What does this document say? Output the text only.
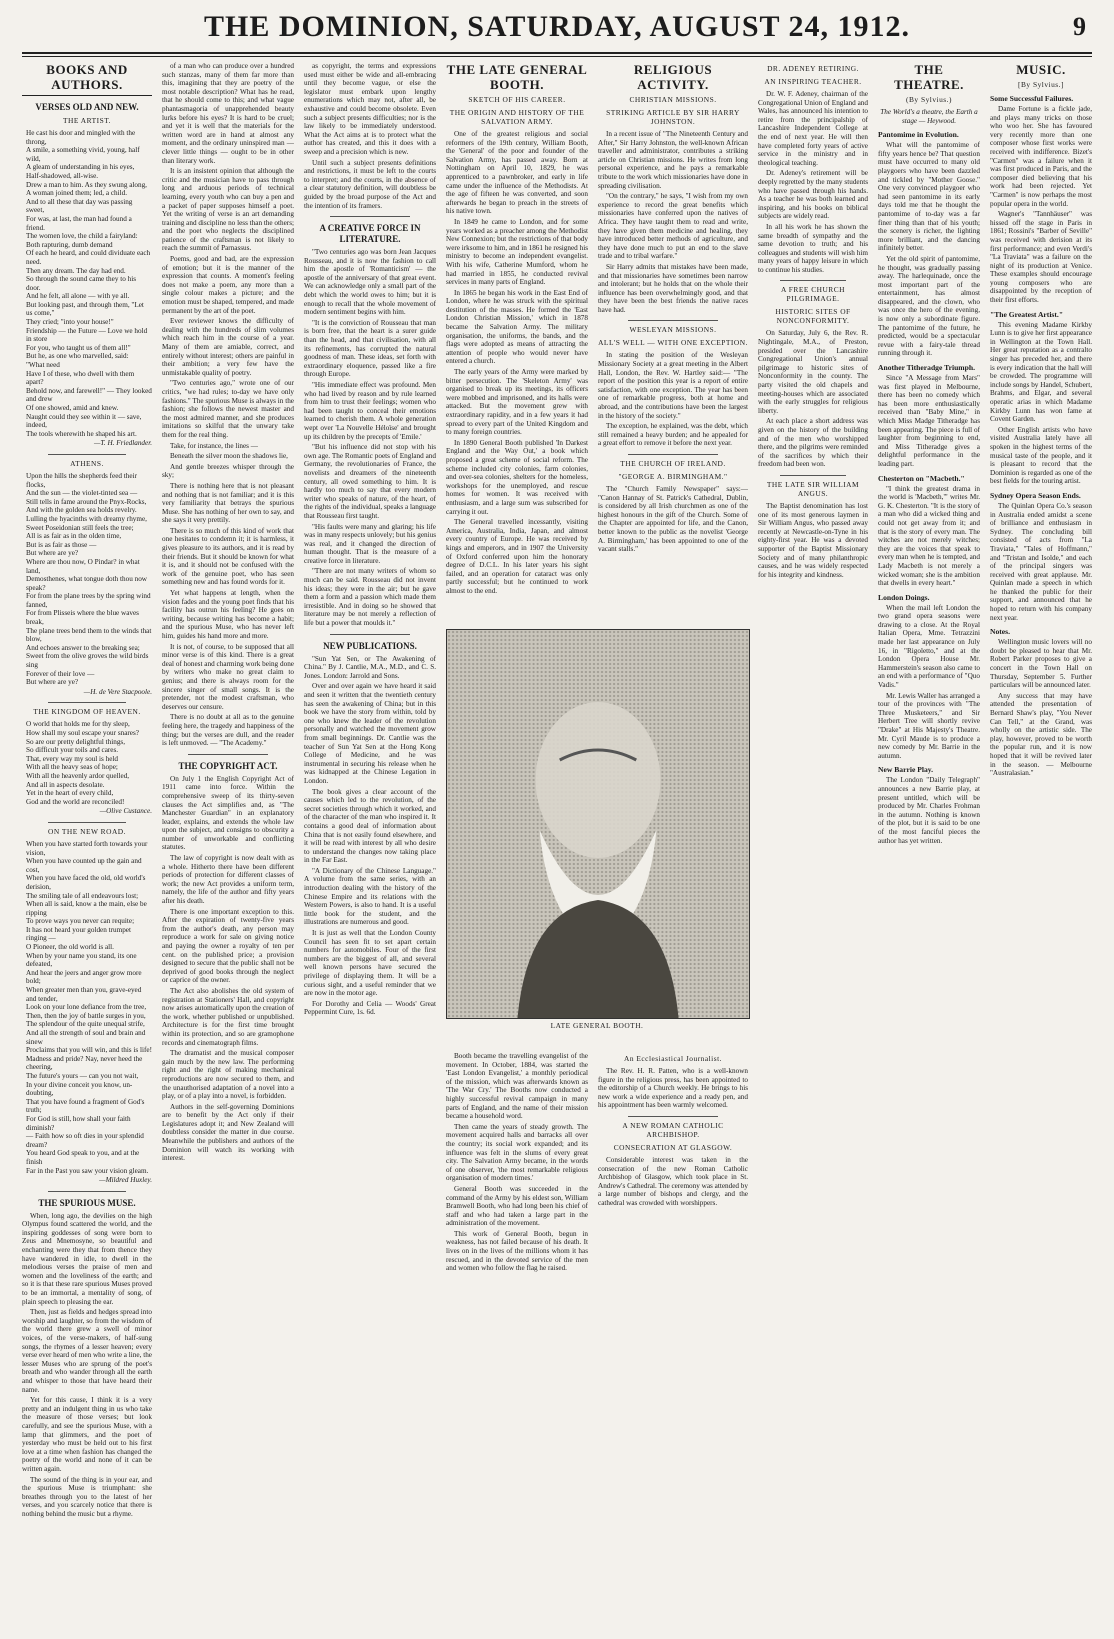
THE DOMINION, SATURDAY, AUGUST 24, 1912.	9
BOOKS AND AUTHORS.
VERSES OLD AND NEW.
THE ARTIST.
He cast his door and mingled with the throng,
A smile, a something vivid, young, half wild,
A gleam of understanding in his eyes,
Half-shadowed, all-wise.
Drew a man to him. As they swung along,
A woman joined them; led, a child.
And to all these that day was passing sweet,
For was, at last, the man had found a friend.
The women love, the child a fairyland:
Both rapturing, dumb demand
Of each he heard, and could dividuate each need.
Then any dream. The day had end.
So through the sound came they to his door.
And he felt, all alone — with ye all.
But looking past, and through them, "Let us come,"
They cried; "into your house!"
Friendship — the Future — Love we hold in store
For you, who taught us of them all!"
But he, as one who marvelled, said:
"What need
Have I of these, who dwell with them apart?
Behold now, and farewell!" — They looked and drew
Of one showed, amid and knew.
Naught could they see within it — save, indeed,
The tools wherewith he shaped his art.
—T. H. Friedlander.
ATHENS.
Upon the hills the shepherds feed their flocks,
And the sun — the violet-tinted sea —
Still tells in fame around the Pnyx-Rocks,
And with the golden sea holds revelry.
Lulling the hyacinths with dreamy rhyme,
Sweet Poseidonian still feels the tree;
All is as fair as in the olden time,
But is as fair as those —
But where are ye?
Where are thou now, O Pindar? in what land,
Demosthenes, what tongue doth thou now speak?
For from the plane trees by the spring wind fanned,
For from Plisseis where the blue waves break,
The plane trees bend them to the winds that blow,
And echoes answer to the breaking sea;
Sweet from the olive groves the wild birds sing
Forever of their love —
But where are ye?
—H. de Vere Stacpoole.
THE KINGDOM OF HEAVEN.
O world that holds me for thy sleep,
How shall my soul escape your snares?
So are our pretty delightful things,
So difficult your toils and cares.
That, every way my soul is held
With all the heavy seas of hope;
With all the heavenly ardor quelled,
And all in aspects desolate.
Yet in the heart of every child,
God and the world are reconciled!
—Olive Custance.
ON THE NEW ROAD.
When you have started forth towards your vision,
When you have counted up the gain and cost,
When you have faced the old, old world's derision,
The smiling tale of all endeavours lost;
When all is said, know a the main, else be ripping
To prove ways you never can requite;
It has not heard your golden trumpet ringing —
O Pioneer, the old world is all.
When by your name you stand, its one defeated,
And hear the jeers and anger grow more bold;
When greater men than you, grave-eyed and tender,
Look on your lone defiance from the tree,
Then, then the joy of battle surges in you,
The splendour of the quite unequal strife,
And all the strength of soul and brain and sinew
Proclaims that you will win, and this is life!
Madness and pride? Nay, never heed the cheering,
The future's yours — can you not wait,
In your divine conceit you know, un-doubting,
That you have found a fragment of God's truth;
For God is still, how shall your faith diminish?
— Faith how so oft dies in your splendid dream?
You heard God speak to you, and at the finish
Far in the Past you saw your vision gleam.
—Mildred Huxley.
THE SPURIOUS MUSE.

When, long ago, the devilies on the high Olympus found scattered the world, and the inspiring goddesses of song were born to Zeus and Mnemosyne, so beautiful and enchanting were they that from thence they have wandered in idle, to dwell in the melodious verses the praise of men and women and the loveliness of the earth; and so it is that these rare spurious Muses proved to be an immortal, a mentality of song, of plain speech to pleasing the ear.

Then, just as fields and hedges spread into worship and laughter, so from the wisdom of the world there grew a swell of minor voices, of the verse-makers, of half-sung songs, the rhymes of a lesser heaven; every verse ever heard of men who write a line, the lesser Muses who are sprung of the poet's breath and who wander through all the earth and whisper to those that have heard their name.

Yet for this cause, I think it is a very pretty and an indulgent thing in us who take the measure of those verses; but look carefully, and see the spurious Muse, with a lamp that glimmers, and the poet of yesterday who must be held out to his first love at a time when fashion has changed the poetry of the world and none of it can be written again.

The sound of the thing is in your ear, and the spurious Muse is triumphant: she breathes through you to the latest of her verses, and you scarcely notice that there is nothing behind the music but a rhyme.

of a man who can produce over a hundred such stanzas, many of them far more than this, imagining that they are poetry of the most notable description? What has he read, that he should come to this; and what vague phantasmagoria of unapprehended beauty lurks before his eyes? It is hard to be cruel; and yet it is well that the materials for the written word are in hand at almost any moment, and the ordinary uninspired man — clever little things — ought to be in other than literary work.

It is an insistent opinion that although the critic and the musician have to pass through long and arduous periods of technical learning, every youth who can buy a pen and a packet of paper supposes himself a poet. Yet the writing of verse is an art demanding training and discipline no less than the others; and the poet who neglects the disciplined patience of the craftsman is not likely to reach the summit of Parnassus.

Poems, good and bad, are the expression of emotion; but it is the manner of the expression that counts. A moment's feeling does not make a poem, any more than a single colour makes a picture; and the emotion must be shaped, tempered, and made permanent by the art of the poet.

Ever reviewer knows the difficulty of dealing with the hundreds of slim volumes which reach him in the course of a year. Many of them are amiable, correct, and entirely without interest; others are painful in their ambition; a very few have the unmistakable quality of poetry.

"Two centuries ago," wrote one of our critics, "we had rules; to-day we have only fashions." The spurious Muse is always in the fashion; she follows the newest master and the most admired manner, and she produces imitations so skilful that the unwary take them for the real thing.

Take, for instance, the lines —

Beneath the silver moon the shadows lie,

And gentle breezes whisper through the sky;

There is nothing here that is not pleasant and nothing that is not familiar; and it is this very familiarity that betrays the spurious Muse. She has nothing of her own to say, and she says it very prettily.

There is so much of this kind of work that one hesitates to condemn it; it is harmless, it gives pleasure to its authors, and it is read by their friends. But it should be known for what it is, and it should not be confused with the work of the genuine poet, who has seen something new and has found words for it.

Yet what happens at length, when the vision fades and the young poet finds that his facility has outrun his feeling? He goes on writing, because writing has become a habit; and the spurious Muse, who has never left him, guides his hand more and more.

It is not, of course, to be supposed that all minor verse is of this kind. There is a great deal of honest and charming work being done by writers who make no great claim to genius; and there is always room for the sincere singer of small songs. It is the pretender, not the modest craftsman, who deserves our censure.

There is no doubt at all as to the genuine feeling here, the tragedy and happiness of the thing; but the verses are dull, and the reader is left unmoved. — "The Academy."

THE COPYRIGHT ACT.

On July 1 the English Copyright Act of 1911 came into force. Within the comprehensive sweep of its thirty-seven clauses the Act simplifies and, as "The Manchester Guardian" in an explanatory leader, explains, and extends the whole law upon the subject, and consigns to obscurity a number of unworkable and conflicting statutes.

The law of copyright is now dealt with as a whole. Hitherto there have been different periods of protection for different classes of work; the new Act provides a uniform term, namely, the life of the author and fifty years after his death.

There is one important exception to this. After the expiration of twenty-five years from the author's death, any person may reproduce a work for sale on giving notice and paying the owner a royalty of ten per cent. on the published price; a provision designed to secure that the public shall not be deprived of good books through the neglect or caprice of the owner.

The Act also abolishes the old system of registration at Stationers' Hall, and copyright now arises automatically upon the creation of the work, whether published or unpublished. Architecture is for the first time brought within its protection, and so are gramophone records and cinematograph films.

The dramatist and the musical composer gain much by the new law. The performing right and the right of making mechanical reproductions are now secured to them, and the unauthorised adaptation of a novel into a play, or of a play into a novel, is forbidden.

Authors in the self-governing Dominions are to benefit by the Act only if their Legislatures adopt it; and New Zealand will doubtless consider the matter in due course. Meanwhile the publishers and authors of the Dominion will watch its working with interest.

as copyright, the terms and expressions used must either be wide and all-embracing until they become vague, or else the legislator must embark upon lengthy enumerations which may not, after all, be exhaustive and could become obsolete. Even such a subject presents difficulties; nor is the law likely to be immediately understood. What the Act aims at is to protect what the author has created, and this it does with a sweep and a precision which is new.

Until such a subject presents definitions and restrictions, it must be left to the courts to interpret; and the courts, in the absence of a clear statutory definition, will doubtless be guided by the broad purpose of the Act and the intention of its framers.

A CREATIVE FORCE IN LITERATURE.

"Two centuries ago was born Jean Jacques Rousseau, and it is now the fashion to call him the apostle of 'Romanticism' — the apostle of the anniversary of that great event. We can acknowledge only a small part of the debt which the world owes to him; but it is enough to recall that the whole movement of modern sentiment begins with him.

"It is the conviction of Rousseau that man is born free, that the heart is a surer guide than the head, and that civilisation, with all its refinements, has corrupted the natural goodness of man. These ideas, set forth with extraordinary eloquence, passed like a fire through Europe.

"His immediate effect was profound. Men who had lived by reason and by rule learned from him to trust their feelings; women who had been taught to conceal their emotions learned to cherish them. A whole generation wept over 'La Nouvelle Héloïse' and brought up its children by the precepts of 'Emile.'

"But his influence did not stop with his own age. The Romantic poets of England and Germany, the revolutionaries of France, the novelists and dreamers of the nineteenth century, all owed something to him. It is hardly too much to say that every modern writer who speaks of nature, of the heart, of the rights of the individual, speaks a language that Rousseau first taught.

"His faults were many and glaring; his life was in many respects unlovely; but his genius was real, and it changed the direction of human thought. That is the measure of a creative force in literature.

"There are not many writers of whom so much can be said. Rousseau did not invent his ideas; they were in the air; but he gave them a form and a passion which made them irresistible. And in doing so he showed that literature may be not merely a reflection of life but a power that moulds it."

NEW PUBLICATIONS.

"Sun Yat Sen, or The Awakening of China." By J. Cantlie, M.A., M.D., and C. S. Jones. London: Jarrold and Sons.

Over and over again we have heard it said and seen it written that the twentieth century has seen the awakening of China; but in this book we have the story from within, told by one who knew the leader of the revolution personally and watched the movement grow from small beginnings. Dr. Cantlie was the teacher of Sun Yat Sen at the Hong Kong College of Medicine, and he was instrumental in securing his release when he was kidnapped at the Chinese Legation in London.

The book gives a clear account of the causes which led to the revolution, of the secret societies through which it worked, and of the character of the man who inspired it. It contains a good deal of information about China that is not easily found elsewhere, and it will be read with interest by all who desire to understand the changes now taking place in the Far East.

"A Dictionary of the Chinese Language." A volume from the same series, with an introduction dealing with the history of the Chinese Empire and its relations with the Western Powers, is also to hand. It is a useful little book for the student, and the illustrations are numerous and good.

It is just as well that the London County Council has seen fit to set apart certain numbers for automobiles. Four of the first numbers are the biggest of all, and several well known persons have secured the privilege of displaying them. It will be a curious sight, and a useful reminder that we are now in the motor age.

For Dorothy and Celia — Woods' Great Peppermint Cure, 1s. 6d.

THE LATE GENERAL BOOTH.
SKETCH OF HIS CAREER.
THE ORIGIN AND HISTORY OF THE SALVATION ARMY.

One of the greatest religious and social reformers of the 19th century, William Booth, the 'General' of the poor and founder of the Salvation Army, has passed away. Born at Nottingham on April 10, 1829, he was apprenticed to a pawnbroker, and early in life came under the influence of the Methodists. At the age of fifteen he was converted, and soon afterwards he began to preach in the streets of his native town.

In 1849 he came to London, and for some years worked as a preacher among the Methodist New Connexion; but the restrictions of that body were irksome to him, and in 1861 he resigned his ministry to become an independent evangelist. With his wife, Catherine Mumford, whom he had married in 1855, he conducted revival services in many parts of England.

In 1865 he began his work in the East End of London, where he was struck with the spiritual destitution of the masses. He formed the 'East London Christian Mission,' which in 1878 became the Salvation Army. The military organisation, the uniforms, the bands, and the flags were adopted as means of attracting the attention of people who would never have entered a church.

The early years of the Army were marked by bitter persecution. The 'Skeleton Army' was organised to break up its meetings, its officers were mobbed and imprisoned, and its halls were attacked. But the movement grew with extraordinary rapidity, and in a few years it had spread to every part of the United Kingdom and to many foreign countries.

In 1890 General Booth published 'In Darkest England and the Way Out,' a book which proposed a great scheme of social reform. The scheme included city colonies, farm colonies, and over-sea colonies, shelters for the homeless, workshops for the unemployed, and rescue homes for women. It was received with enthusiasm, and a large sum was subscribed for carrying it out.

The General travelled incessantly, visiting America, Australia, India, Japan, and almost every country of Europe. He was received by kings and emperors, and in 1907 the University of Oxford conferred upon him the honorary degree of D.C.L. In his later years his sight failed, and an operation for cataract was only partly successful; but he continued to work almost to the end.

RELIGIOUS ACTIVITY.
CHRISTIAN MISSIONS.
STRIKING ARTICLE BY SIR HARRY JOHNSTON.

In a recent issue of "The Nineteenth Century and After," Sir Harry Johnston, the well-known African traveller and administrator, contributes a striking article on Christian missions. He writes from long personal experience, and he pays a remarkable tribute to the work which missionaries have done in spreading civilisation.

"On the contrary," he says, "I wish from my own experience to record the great benefits which missionaries have conferred upon the natives of Africa. They have taught them to read and write, they have given them medicine and healing, they have introduced better methods of agriculture, and they have done much to put an end to the slave trade and to tribal warfare."

Sir Harry admits that mistakes have been made, and that missionaries have sometimes been narrow and intolerant; but he holds that on the whole their influence has been overwhelmingly good, and that they have been the best friends the native races have had.

WESLEYAN MISSIONS.
ALL'S WELL — WITH ONE EXCEPTION.

In stating the position of the Wesleyan Missionary Society at a great meeting in the Albert Hall, London, the Rev. W. Hartley said:— "The report of the position this year is a report of entire satisfaction, with one exception. The year has been one of remarkable progress, both at home and abroad, and the contributions have been the largest in the history of the society."

The exception, he explained, was the debt, which still remained a heavy burden; and he appealed for a great effort to remove it before the next year.

THE CHURCH OF IRELAND.
"GEORGE A. BIRMINGHAM."

The "Church Family Newspaper" says:— "Canon Hannay of St. Patrick's Cathedral, Dublin, is considered by all Irish churchmen as one of the highest honours in the gift of the Church. Some of the Chapter are appointed for life, and the Canon, better known to the public as the novelist 'George A. Birmingham,' has been appointed to one of the vacant stalls."

LATE GENERAL BOOTH.

Booth became the travelling evangelist of the movement. In October, 1884, was started the 'East London Evangelist,' a monthly periodical of the mission, which was afterwards known as 'The War Cry.' The Booths now conducted a highly successful revival campaign in many parts of England, and the name of their mission became a household word.

Then came the years of steady growth. The movement acquired halls and barracks all over the country; its social work expanded; and its influence was felt in the slums of every great city. The Salvation Army became, in the words of one observer, 'the most remarkable religious organisation of modern times.'

General Booth was succeeded in the command of the Army by his eldest son, William Bramwell Booth, who had long been his chief of staff and who had taken a large part in the administration of the movement.

This work of General Booth, begun in weakness, has not failed because of his death. It lives on in the lives of the millions whom it has rescued, and in the devoted service of the men and women who follow the flag he raised.

An Ecclesiastical Journalist.

The Rev. H. R. Patten, who is a well-known figure in the religious press, has been appointed to the editorship of a Church weekly. He brings to his new work a wide experience and a ready pen, and his appointment has been warmly welcomed.

A NEW ROMAN CATHOLIC ARCHBISHOP.
CONSECRATION AT GLASGOW.

Considerable interest was taken in the consecration of the new Roman Catholic Archbishop of Glasgow, which took place in St. Andrew's Cathedral. The ceremony was attended by a large number of bishops and clergy, and the cathedral was crowded with worshippers.

DR. ADENEY RETIRING.
AN INSPIRING TEACHER.

Dr. W. F. Adeney, chairman of the Congregational Union of England and Wales, has announced his intention to retire from the principalship of Lancashire Independent College at the end of next year. He will then have completed forty years of active service in the ministry and in theological teaching.

Dr. Adeney's retirement will be deeply regretted by the many students who have passed through his hands. As a teacher he was both learned and inspiring, and his books on biblical subjects are widely read.

In all his work he has shown the same breadth of sympathy and the same devotion to truth; and his colleagues and students will wish him many years of happy leisure in which to continue his studies.

A FREE CHURCH PILGRIMAGE.
HISTORIC SITES OF NONCONFORMITY.

On Saturday, July 6, the Rev. R. Nightingale, M.A., of Preston, presided over the Lancashire Congregational Union's annual pilgrimage to historic sites of Nonconformity in the county. The party visited the old chapels and meeting-houses which are associated with the early struggles for religious liberty.

At each place a short address was given on the history of the building and of the men who worshipped there, and the pilgrims were reminded of the sacrifices by which their freedom had been won.

THE LATE SIR WILLIAM ANGUS.

The Baptist denomination has lost one of its most generous laymen in Sir William Angus, who passed away recently at Newcastle-on-Tyne in his eighty-first year. He was a devoted supporter of the Baptist Missionary Society and of many philanthropic causes, and he was widely respected for his integrity and kindness.

THE THEATRE.
(By Sylvius.)

The World's a theatre, the Earth a stage — Heywood.

Pantomime in Evolution.

What will the pantomime of fifty years hence be? That question must have occurred to many old playgoers who have been dazzled and tickled by "Mother Goose." One very convinced playgoer who had seen pantomime in its early days told me that he thought the pantomime of to-day was a far finer thing than that of his youth; the scenery is richer, the lighting more brilliant, and the dancing infinitely better.

Yet the old spirit of pantomime, he thought, was gradually passing away. The harlequinade, once the most important part of the entertainment, has almost disappeared, and the clown, who was once the hero of the evening, is now only a subordinate figure. The pantomime of the future, he predicted, would be a spectacular revue with a fairy-tale thread running through it.

Another Titheradge Triumph.

Since "A Message from Mars" was first played in Melbourne, there has been no comedy which has been more enthusiastically received than "Baby Mine," in which Miss Madge Titheradge has been appearing. The piece is full of laughter from beginning to end, and Miss Titheradge gives a delightful performance in the leading part.

Chesterton on "Macbeth."

"I think the greatest drama in the world is 'Macbeth,'" writes Mr. G. K. Chesterton. "It is the story of a man who did a wicked thing and could not get away from it; and that is the story of every man. The witches are not merely witches; they are the voices that speak to every man when he is tempted, and Lady Macbeth is not merely a wicked woman; she is the ambition that dwells in every heart."

London Doings.

When the mail left London the two grand opera seasons were drawing to a close. At the Royal Italian Opera, Mme. Tetrazzini made her last appearance on July 16, in "Rigoletto," and at the London Opera House Mr. Hammerstein's season also came to an end with a performance of "Quo Vadis."

Mr. Lewis Waller has arranged a tour of the provinces with "The Three Musketeers," and Sir Herbert Tree will shortly revive "Drake" at His Majesty's Theatre. Mr. Cyril Maude is to produce a new comedy by Mr. Barrie in the autumn.

New Barrie Play.

The London "Daily Telegraph" announces a new Barrie play, at present untitled, which will be produced by Mr. Charles Frohman in the autumn. Nothing is known of the plot, but it is said to be one of the most fanciful pieces the author has yet written.

MUSIC.
[By Sylvius.]
Some Successful Failures.

Dame Fortune is a fickle jade, and plays many tricks on those who woo her. She has favoured very recently more than one composer whose first works were received with indifference. Bizet's "Carmen" was a failure when it was first produced in Paris, and the composer died believing that his work had been rejected. Yet "Carmen" is now perhaps the most popular opera in the world.

Wagner's "Tannhäuser" was hissed off the stage in Paris in 1861; Rossini's "Barber of Seville" was received with derision at its first performance; and even Verdi's "La Traviata" was a failure on the night of its production at Venice. These examples should encourage young composers who are disappointed by the reception of their first efforts.

"The Greatest Artist."

This evening Madame Kirkby Lunn is to give her first appearance in Wellington at the Town Hall. Her great reputation as a contralto singer has preceded her, and there is every indication that the hall will be crowded. The programme will include songs by Handel, Schubert, Brahms, and Elgar, and several operatic arias in which Madame Kirkby Lunn has won fame at Covent Garden.

Other English artists who have visited Australia lately have all spoken in the highest terms of the musical taste of the people, and it is pleasant to record that the Dominion is regarded as one of the best fields for the touring artist.

Sydney Opera Season Ends.

The Quinlan Opera Co.'s season in Australia ended amidst a scene of brilliance and enthusiasm in Sydney. The concluding bill consisted of acts from "La Traviata," "Tales of Hoffmann," and "Tristan and Isolde," and each of the principal singers was received with great applause. Mr. Quinlan made a speech in which he thanked the public for their support, and announced that he hoped to return with his company next year.

Notes.

Wellington music lovers will no doubt be pleased to hear that Mr. Robert Parker proposes to give a concert in the Town Hall on Thursday, September 5. Further particulars will be announced later.

Any success that may have attended the presentation of Bernard Shaw's play, "You Never Can Tell," at the Grand, was wholly on the artistic side. The play, however, proved to be worth the popular run, and it is now hoped that it will be revived later in the season. — Melbourne "Australasian."
